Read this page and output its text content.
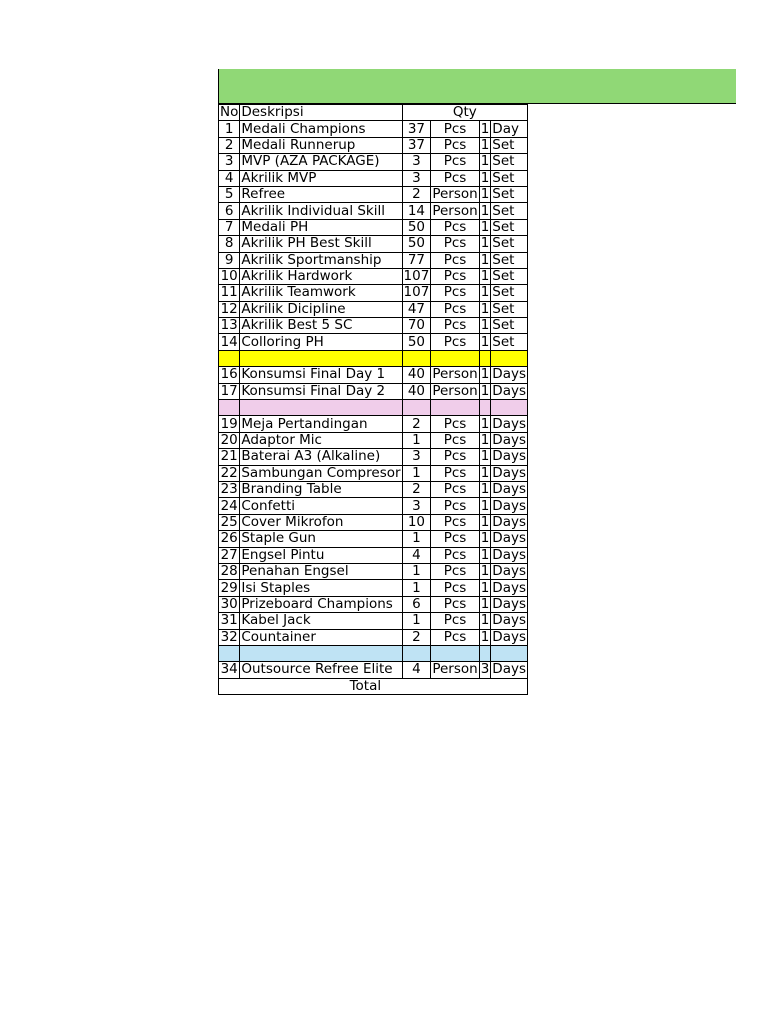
No	Deskripsi	Qty			
1	Medali Champions	37	Pcs	1	Day
2	Medali Runnerup	37	Pcs	1	Set
3	MVP (AZA PACKAGE)	3	Pcs	1	Set
4	Akrilik MVP	3	Pcs	1	Set
5	Refree	2	Person	1	Set
6	Akrilik Individual Skill	14	Person	1	Set
7	Medali PH	50	Pcs	1	Set
8	Akrilik PH Best Skill	50	Pcs	1	Set
9	Akrilik Sportmanship	77	Pcs	1	Set
10	Akrilik Hardwork	107	Pcs	1	Set
11	Akrilik Teamwork	107	Pcs	1	Set
12	Akrilik Dicipline	47	Pcs	1	Set
13	Akrilik Best 5 SC	70	Pcs	1	Set
14	Colloring PH	50	Pcs	1	Set

16	Konsumsi Final Day 1	40	Person	1	Days
17	Konsumsi Final Day 2	40	Person	1	Days

19	Meja Pertandingan	2	Pcs	1	Days
20	Adaptor Mic	1	Pcs	1	Days
21	Baterai A3 (Alkaline)	3	Pcs	1	Days
22	Sambungan Compresor	1	Pcs	1	Days
23	Branding Table	2	Pcs	1	Days
24	Confetti	3	Pcs	1	Days
25	Cover Mikrofon	10	Pcs	1	Days
26	Staple Gun	1	Pcs	1	Days
27	Engsel Pintu	4	Pcs	1	Days
28	Penahan Engsel	1	Pcs	1	Days
29	Isi Staples	1	Pcs	1	Days
30	Prizeboard Champions	6	Pcs	1	Days
31	Kabel Jack	1	Pcs	1	Days
32	Countainer	2	Pcs	1	Days

34	Outsource Refree Elite	4	Person	3	Days
	Total				
